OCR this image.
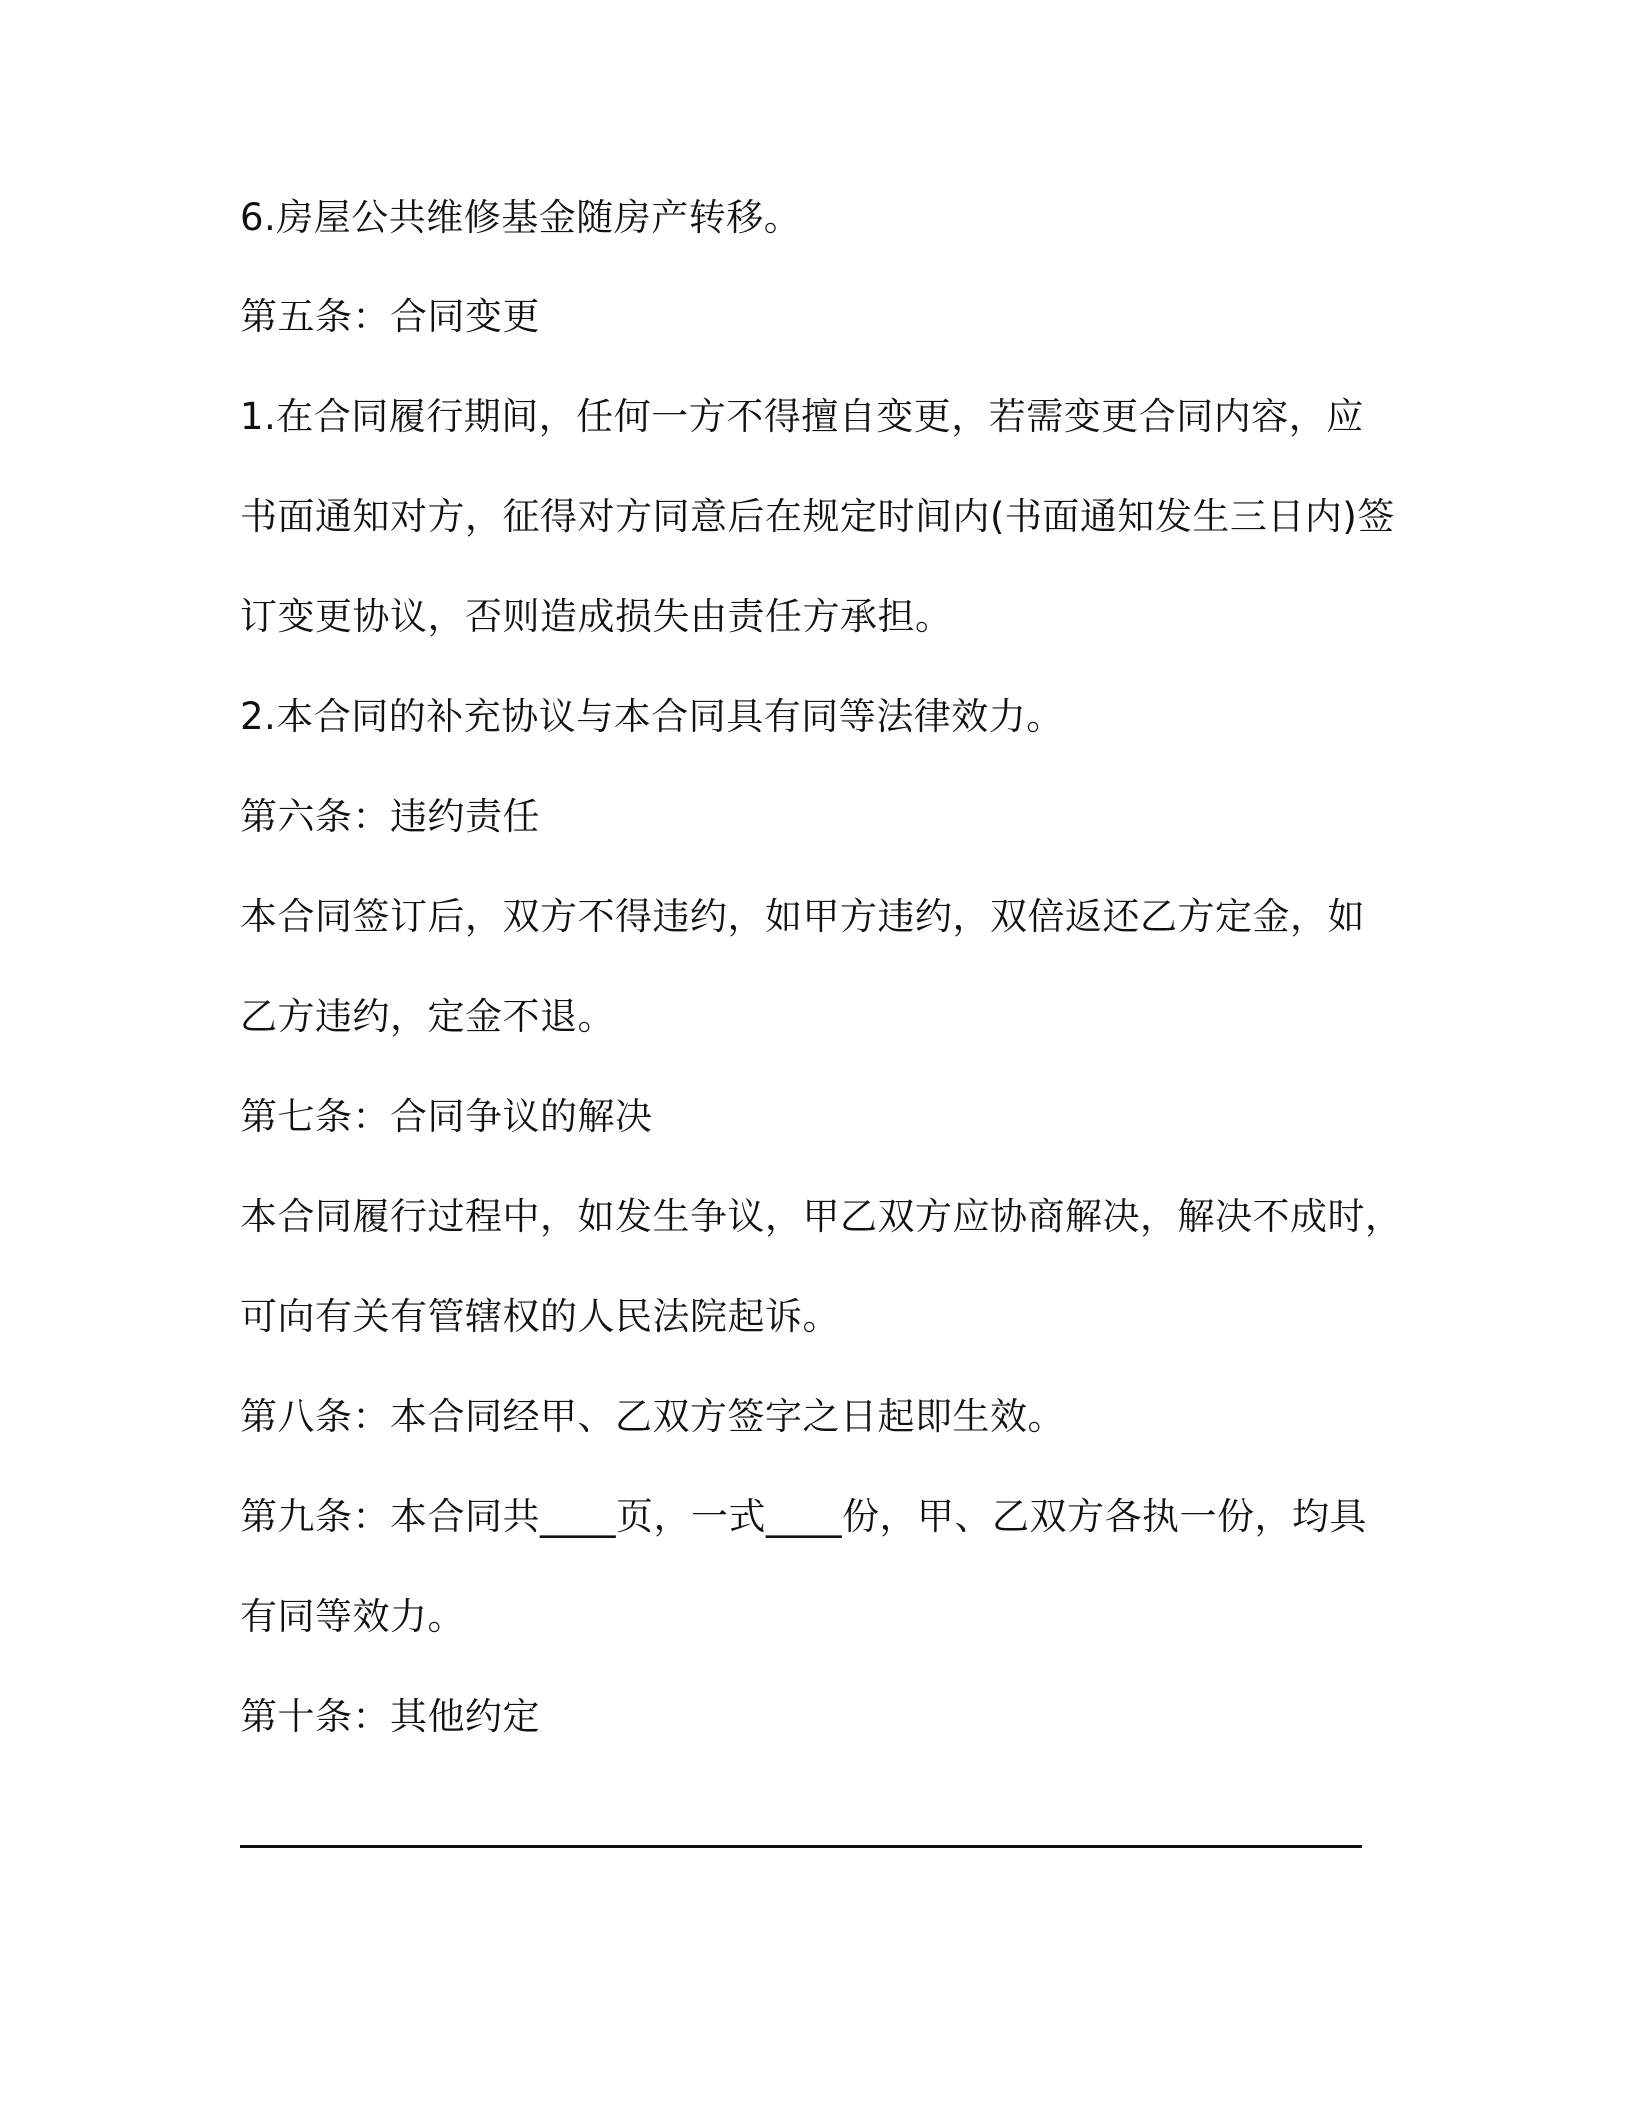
6.房屋公共维修基金随房产转移。

第五条：合同变更

1.在合同履行期间，任何一方不得擅自变更，若需变更合同内容，应

书面通知对方，征得对方同意后在规定时间内(书面通知发生三日内)签

订变更协议，否则造成损失由责任方承担。

2.本合同的补充协议与本合同具有同等法律效力。

第六条：违约责任

本合同签订后，双方不得违约，如甲方违约，双倍返还乙方定金，如

乙方违约，定金不退。

第七条：合同争议的解决

本合同履行过程中，如发生争议，甲乙双方应协商解决，解决不成时，

可向有关有管辖权的人民法院起诉。

第八条：本合同经甲、乙双方签字之日起即生效。

第九条：本合同共____页，一式____份，甲、乙双方各执一份，均具

有同等效力。

第十条：其他约定
